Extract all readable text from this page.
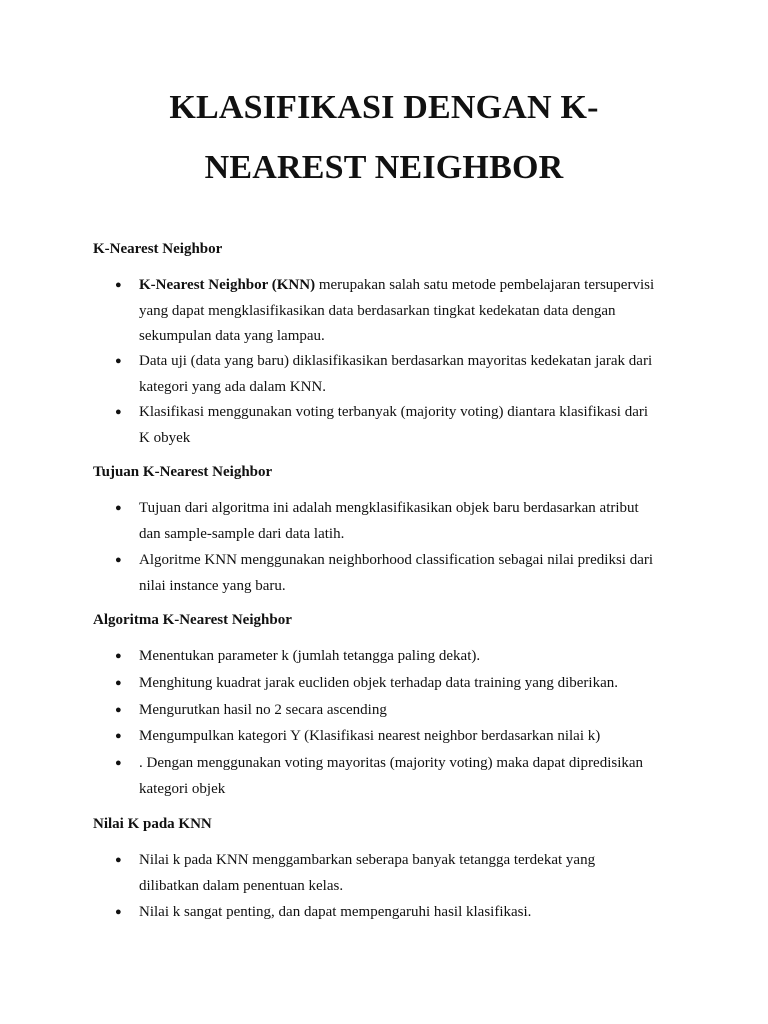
KLASIFIKASI DENGAN K-
NEAREST NEIGHBOR
K-Nearest Neighbor
● K-Nearest Neighbor (KNN) merupakan salah satu metode pembelajaran tersupervisi
yang dapat mengklasifikasikan data berdasarkan tingkat kedekatan data dengan
sekumpulan data yang lampau.
● Data uji (data yang baru) diklasifikasikan berdasarkan mayoritas kedekatan jarak dari
kategori yang ada dalam KNN.
● Klasifikasi menggunakan voting terbanyak (majority voting) diantara klasifikasi dari
K obyek
Tujuan K-Nearest Neighbor
● Tujuan dari algoritma ini adalah mengklasifikasikan objek baru berdasarkan atribut
dan sample-sample dari data latih.
● Algoritme KNN menggunakan neighborhood classification sebagai nilai prediksi dari
nilai instance yang baru.
Algoritma K-Nearest Neighbor
● Menentukan parameter k (jumlah tetangga paling dekat).
● Menghitung kuadrat jarak eucliden objek terhadap data training yang diberikan.
● Mengurutkan hasil no 2 secara ascending
● Mengumpulkan kategori Y (Klasifikasi nearest neighbor berdasarkan nilai k)
● . Dengan menggunakan voting mayoritas (majority voting) maka dapat dipredisikan
kategori objek
Nilai K pada KNN
● Nilai k pada KNN menggambarkan seberapa banyak tetangga terdekat yang
dilibatkan dalam penentuan kelas.
● Nilai k sangat penting, dan dapat mempengaruhi hasil klasifikasi.
